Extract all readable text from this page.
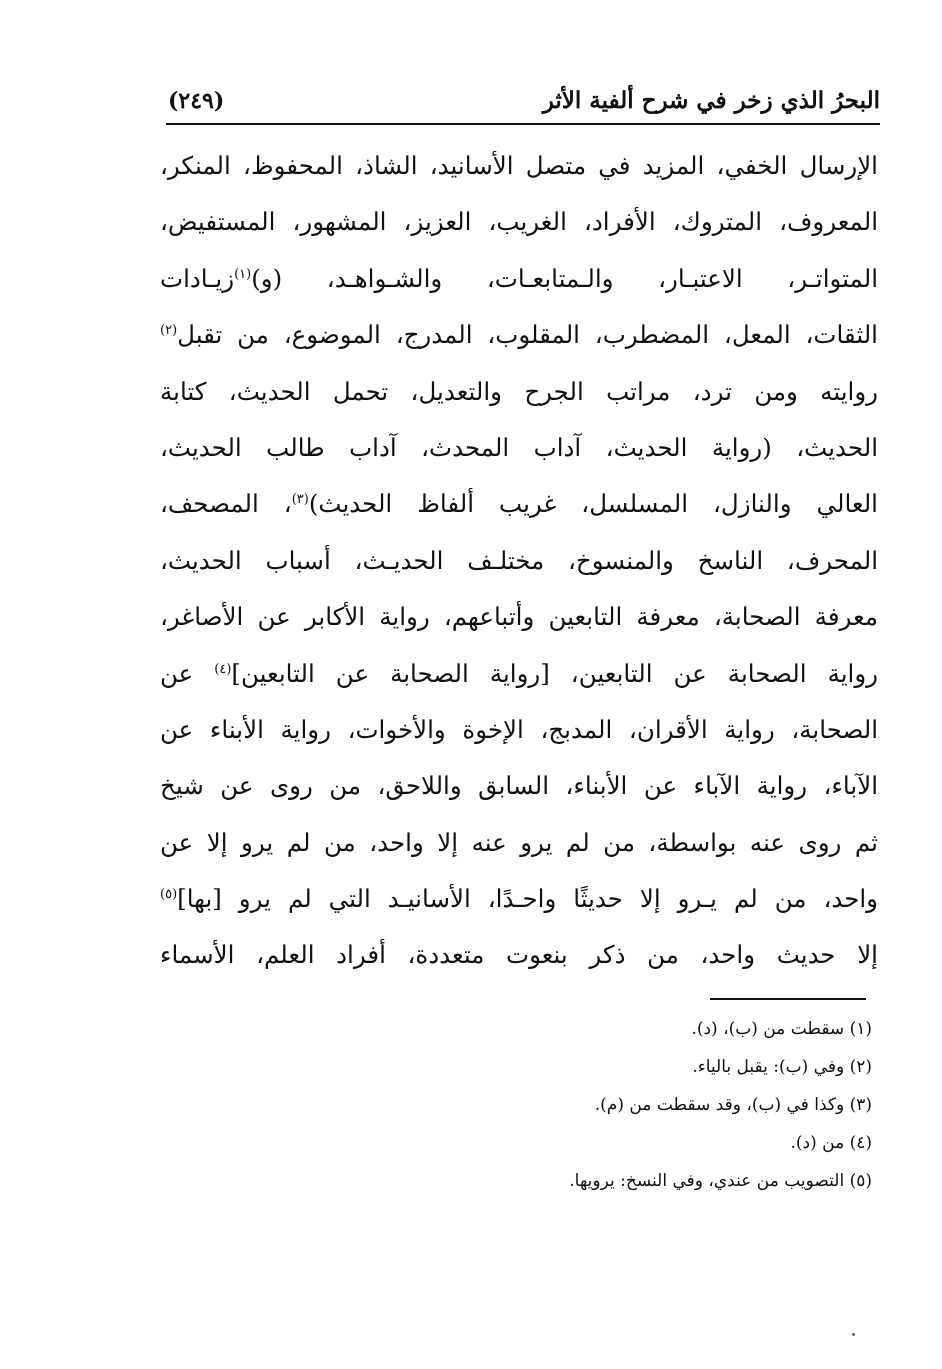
البحرُ الذي زخر في شرح ألفية الأثر
(٢٤٩)
الإرسال الخفي، المزيد في متصل الأسانيد، الشاذ، المحفوظ، المنكر،
المعروف، المتروك، الأفراد، الغريب، العزيز، المشهور، المستفيض،
المتواتـر، الاعتبـار، والـمتابعـات، والشـواهـد، (و)$^{(١)}$زيـادات
الثقات، المعل، المضطرب، المقلوب، المدرج، الموضوع، من تقبل$^{(٢)}$
روايته ومن ترد، مراتب الجرح والتعديل، تحمل الحديث، كتابة
الحديث، (رواية الحديث، آداب المحدث، آداب طالب الحديث،
العالي والنازل، المسلسل، غريب ألفاظ الحديث)$^{(٣)}$، المصحف،
المحرف، الناسخ والمنسوخ، مختلـف الحديـث، أسباب الحديث،
معرفة الصحابة، معرفة التابعين وأتباعهم، رواية الأكابر عن الأصاغر،
رواية الصحابة عن التابعين، [رواية الصحابة عن التابعين]$^{(٤)}$ عن
الصحابة، رواية الأقران، المدبج، الإخوة والأخوات، رواية الأبناء عن
الآباء، رواية الآباء عن الأبناء، السابق واللاحق، من روى عن شيخ
ثم روى عنه بواسطة، من لم يرو عنه إلا واحد، من لم يرو إلا عن
واحد، من لم يـرو إلا حديثًا واحـدًا، الأسانيـد التي لم يرو [بها]$^{(٥)}$
إلا حديث واحد، من ذكر بنعوت متعددة، أفراد العلم، الأسماء
(١) سقطت من (ب)، (د).
(٢) وفي (ب): يقبل بالياء.
(٣) وكذا في (ب)، وقد سقطت من (م).
(٤) من (د).
(٥) التصويب من عندي، وفي النسخ: يرويها.
